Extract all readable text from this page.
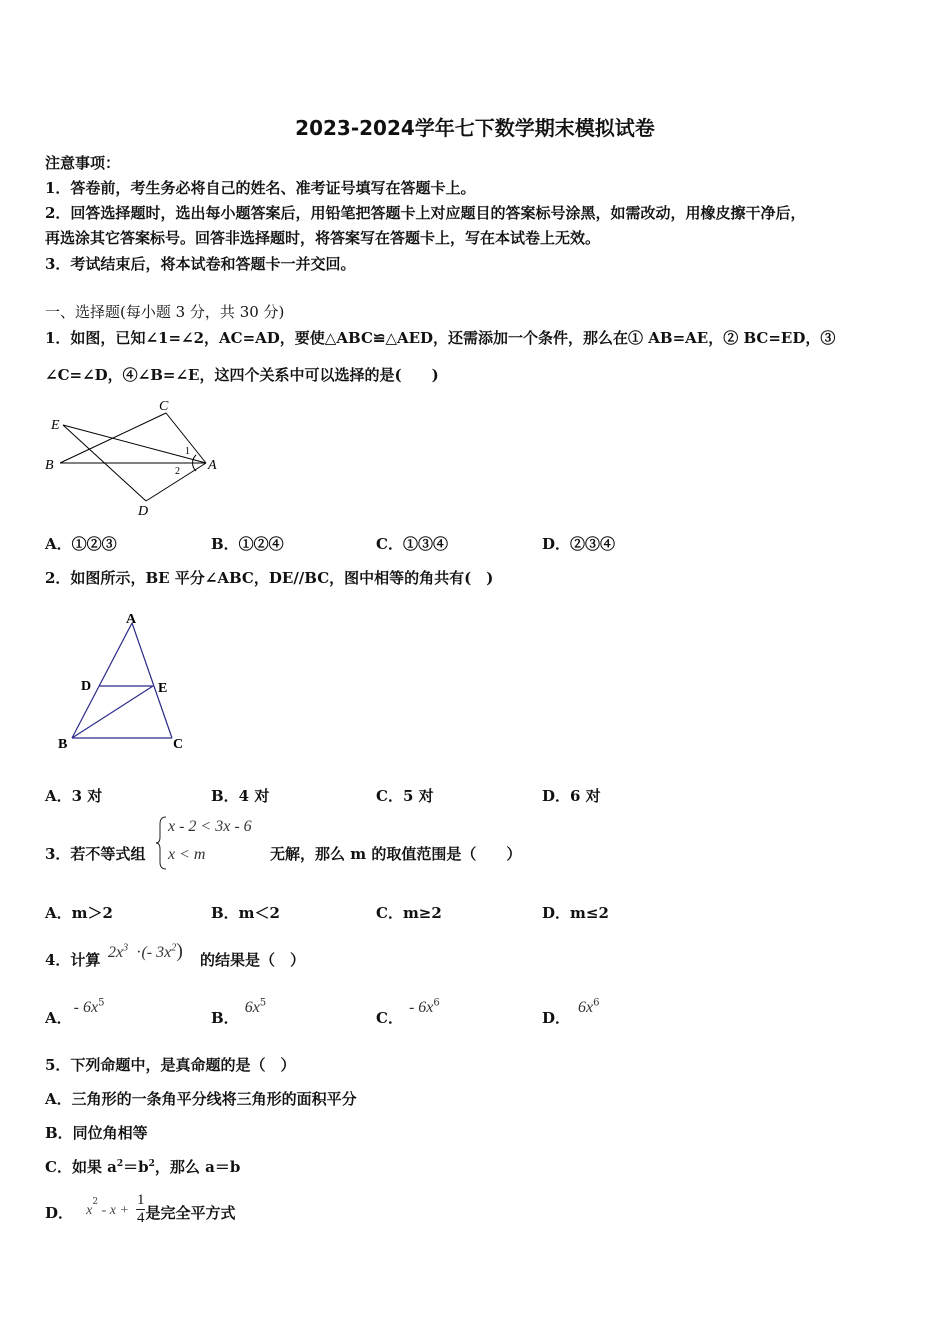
2023-2024学年七下数学期末模拟试卷
注意事项：
1．答卷前，考生务必将自己的姓名、准考证号填写在答题卡上。
2．回答选择题时，选出每小题答案后，用铅笔把答题卡上对应题目的答案标号涂黑，如需改动，用橡皮擦干净后，
再选涂其它答案标号。回答非选择题时，将答案写在答题卡上，写在本试卷上无效。
3．考试结束后，将本试卷和答题卡一并交回。
一、选择题(每小题 3 分，共 30 分)
1．如图，已知∠1=∠2，AC=AD，要使△ABC≌△AED，还需添加一个条件，那么在① AB=AE，② BC=ED，③
∠C=∠D，④∠B=∠E，这四个关系中可以选择的是(　　)
E
C
B	A
D
1
2
A．①②③	B．①②④	C．①③④	D．②③④
2．如图所示，BE 平分∠ABC，DE//BC，图中相等的角共有(　)
A
D	E
B	C
A．3 对	B．4 对	C．5 对	D．6 对
3．若不等式组
x - 2 < 3x - 6
x < m	无解，那么 m 的取值范围是（　　）
A．m＞2	B．m＜2	C．m≥2	D．m≤2
4．计算 $2x^3$ ·(- $3x^2$) 的结果是（　）
A．- $6x^5$
B．$6x^5$
C．- $6x^6$
D．$6x^6$
5．下列命题中，是真命题的是（　）
A．三角形的一条角平分线将三角形的面积平分
B．同位角相等
C．如果 $a^2=b^2$，那么 a＝b
D． $x^2 - x + \frac{1}{4}$ 是完全平方式
